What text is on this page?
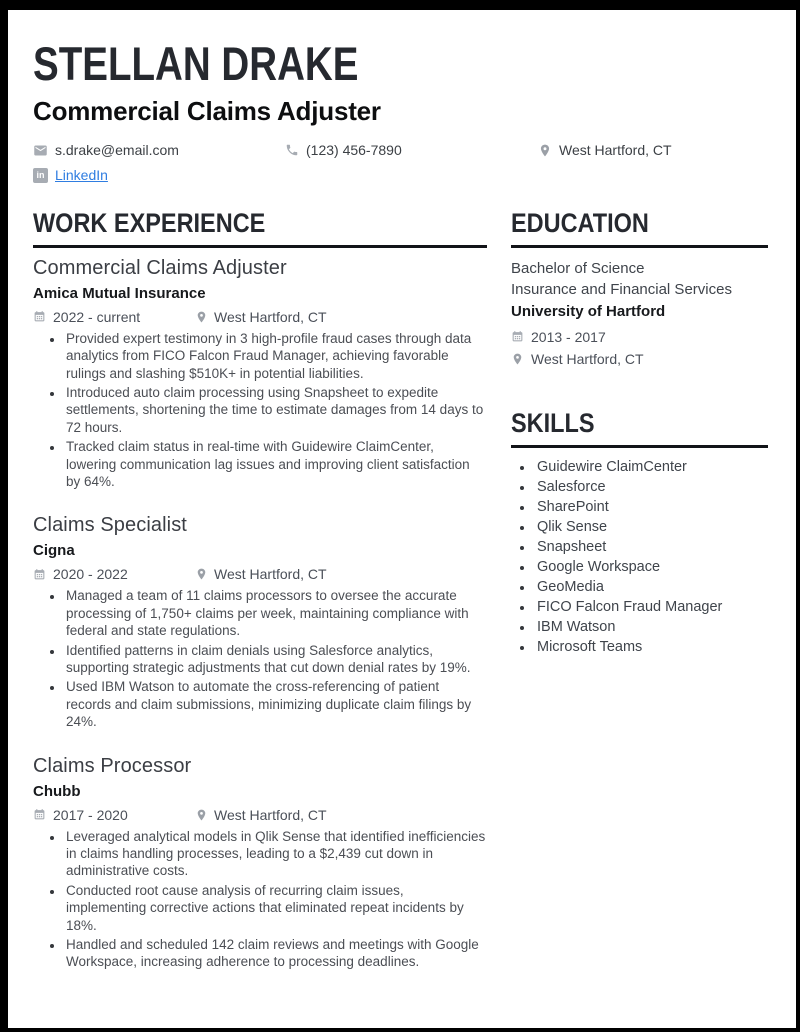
STELLAN DRAKE
Commercial Claims Adjuster
s.drake@email.com	(123) 456-7890	West Hartford, CT
in LinkedIn
WORK EXPERIENCE
Commercial Claims Adjuster
Amica Mutual Insurance
2022 - current	West Hartford, CT
• Provided expert testimony in 3 high-profile fraud cases through data analytics from FICO Falcon Fraud Manager, achieving favorable rulings and slashing $510K+ in potential liabilities.
• Introduced auto claim processing using Snapsheet to expedite settlements, shortening the time to estimate damages from 14 days to 72 hours.
• Tracked claim status in real-time with Guidewire ClaimCenter, lowering communication lag issues and improving client satisfaction by 64%.
Claims Specialist
Cigna
2020 - 2022	West Hartford, CT
• Managed a team of 11 claims processors to oversee the accurate processing of 1,750+ claims per week, maintaining compliance with federal and state regulations.
• Identified patterns in claim denials using Salesforce analytics, supporting strategic adjustments that cut down denial rates by 19%.
• Used IBM Watson to automate the cross-referencing of patient records and claim submissions, minimizing duplicate claim filings by 24%.
Claims Processor
Chubb
2017 - 2020	West Hartford, CT
• Leveraged analytical models in Qlik Sense that identified inefficiencies in claims handling processes, leading to a $2,439 cut down in administrative costs.
• Conducted root cause analysis of recurring claim issues, implementing corrective actions that eliminated repeat incidents by 18%.
• Handled and scheduled 142 claim reviews and meetings with Google Workspace, increasing adherence to processing deadlines.
EDUCATION
Bachelor of Science
Insurance and Financial Services
University of Hartford
2013 - 2017
West Hartford, CT
SKILLS
• Guidewire ClaimCenter
• Salesforce
• SharePoint
• Qlik Sense
• Snapsheet
• Google Workspace
• GeoMedia
• FICO Falcon Fraud Manager
• IBM Watson
• Microsoft Teams
